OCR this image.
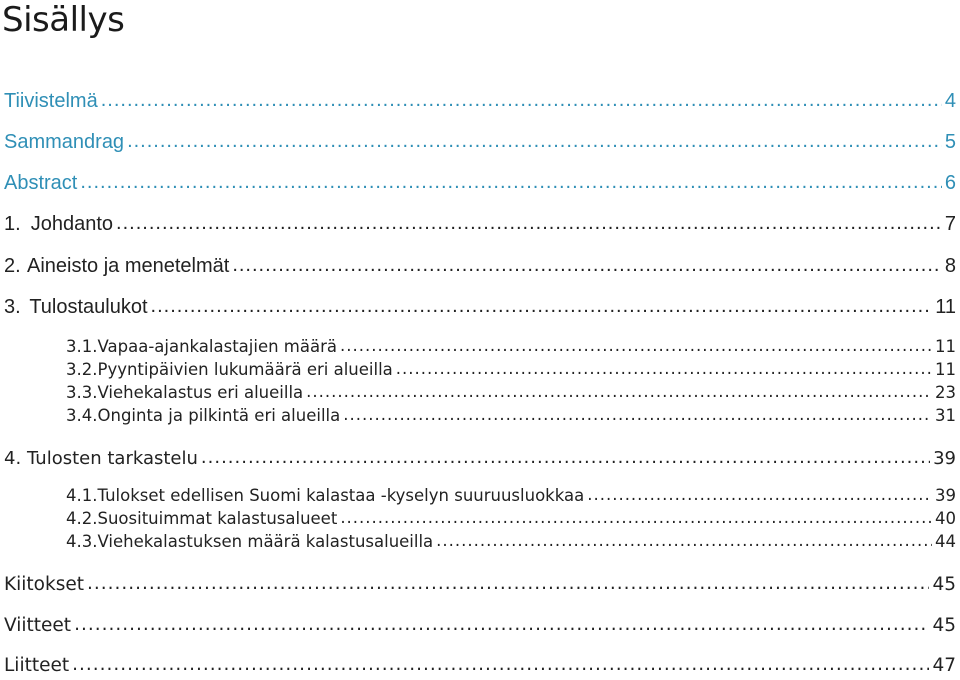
Sisällys
Tiivistelmä .....	4
Sammandrag .....	5
Abstract .....	6
1. Johdanto .....	7
2. Aineisto ja menetelmät .....	8
3. Tulostaulukot .....	11
3.1. Vapaa-ajankalastajien määrä .....	11
3.2. Pyyntipäivien lukumäärä eri alueilla .....	11
3.3. Viehekalastus eri alueilla .....	23
3.4. Onginta ja pilkintä eri alueilla .....	31
4. Tulosten tarkastelu .....	39
4.1. Tulokset edellisen Suomi kalastaa -kyselyn suuruusluokkaa .....	39
4.2. Suosituimmat kalastusalueet .....	40
4.3. Viehekalastuksen määrä kalastusalueilla .....	44
Kiitokset .....	45
Viitteet .....	45
Liitteet .....	47
